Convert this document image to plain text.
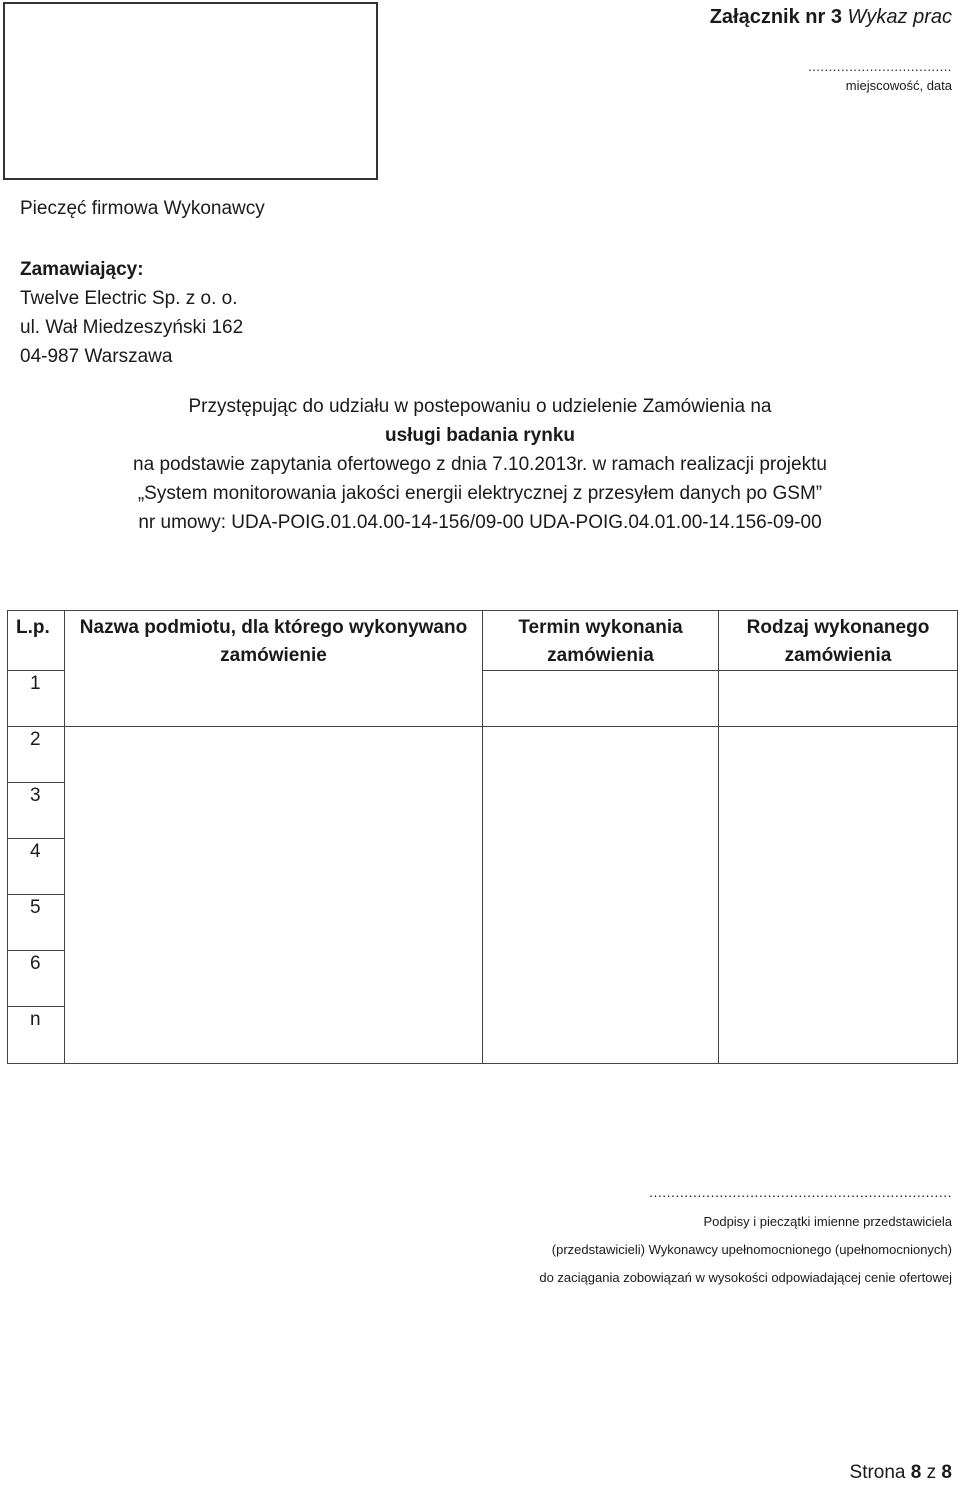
Załącznik nr 3 Wykaz prac
...................................
miejscowość, data
Pieczęć firmowa Wykonawcy
Zamawiający:
Twelve Electric Sp. z o. o.
ul. Wał Miedzeszyński 162
04-987 Warszawa
Przystępując do udziału w postepowaniu o udzielenie Zamówienia na
usługi badania rynku
na podstawie zapytania ofertowego z dnia 7.10.2013r. w ramach realizacji projektu
„System monitorowania jakości energii elektrycznej z przesyłem danych po GSM”
nr umowy: UDA-POIG.01.04.00-14-156/09-00 UDA-POIG.04.01.00-14.156-09-00
L.p.	Nazwa podmiotu, dla którego wykonywano zamówienie	Termin wykonania zamówienia	Rodzaj wykonanego zamówienia
1			
2			
3			
4			
5			
6			
n			
.....................................................................
Podpisy i pieczątki imienne przedstawiciela
(przedstawicieli) Wykonawcy upełnomocnionego (upełnomocnionych)
do zaciągania zobowiązań w wysokości odpowiadającej cenie ofertowej
Strona 8 z 8
